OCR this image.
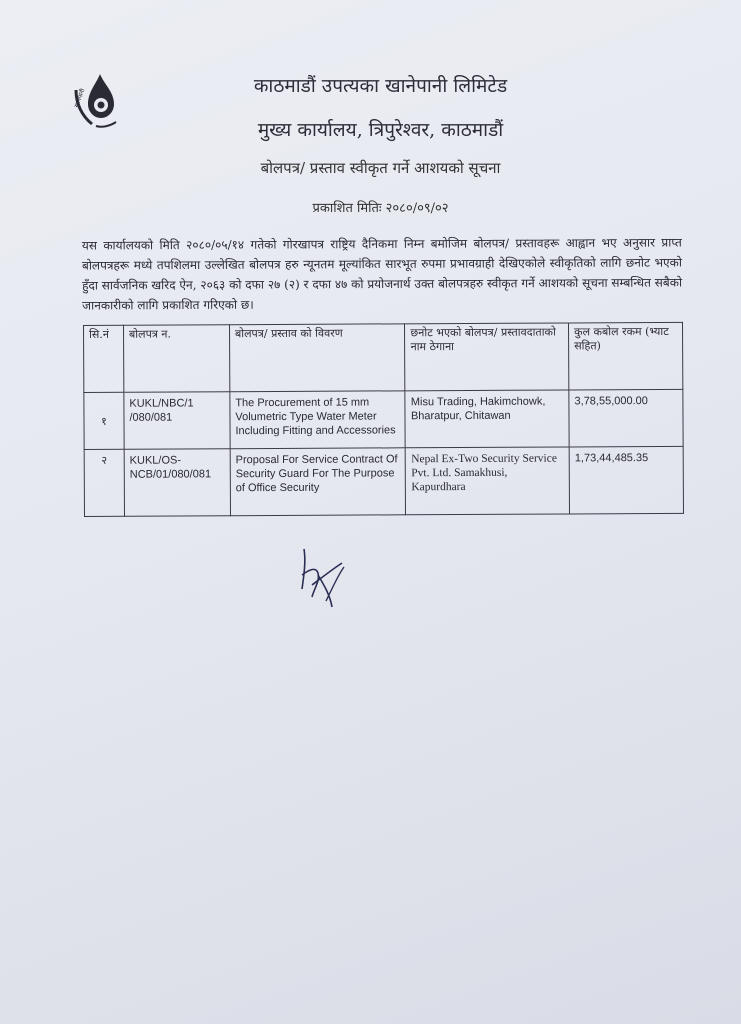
खानेपानी
काठमाडौं उपत्यका खानेपानी लिमिटेड
मुख्य कार्यालय, त्रिपुरेश्वर, काठमाडौं
बोलपत्र/ प्रस्ताव स्वीकृत गर्ने आशयको सूचना
प्रकाशित मितिः २०८०/०९/०२
यस कार्यालयको मिति २०८०/०५/१४ गतेको गोरखापत्र राष्ट्रिय दैनिकमा निम्न बमोजिम बोलपत्र/ प्रस्तावहरू आह्वान भए अनुसार प्राप्त बोलपत्रहरू मध्ये तपशिलमा उल्लेखित बोलपत्र हरु न्यूनतम मूल्यांकित सारभूत रुपमा प्रभावग्राही देखिएकोले स्वीकृतिको लागि छनोट भएको हुँदा सार्वजनिक खरिद ऐन, २०६३ को दफा २७ (२) र दफा ४७ को प्रयोजनार्थ उक्त बोलपत्रहरु स्वीकृत गर्ने आशयको सूचना सम्बन्धित सबैको जानकारीको लागि प्रकाशित गरिएको छ।
सि.नं	बोलपत्र न.	बोलपत्र/ प्रस्ताव को विवरण	छनोट भएको बोलपत्र/ प्रस्तावदाताको नाम ठेगाना	कुल कबोल रकम (भ्याट सहित)
१	KUKL/NBC/1 /080/081	The Procurement of 15 mm Volumetric Type Water Meter Including Fitting and Accessories	Misu Trading, Hakimchowk, Bharatpur, Chitawan	3,78,55,000.00
२	KUKL/OS-NCB/01/080/081	Proposal For Service Contract Of Security Guard For The Purpose of Office Security	Nepal Ex-Two Security Service Pvt. Ltd. Samakhusi, Kapurdhara	1,73,44,485.35
